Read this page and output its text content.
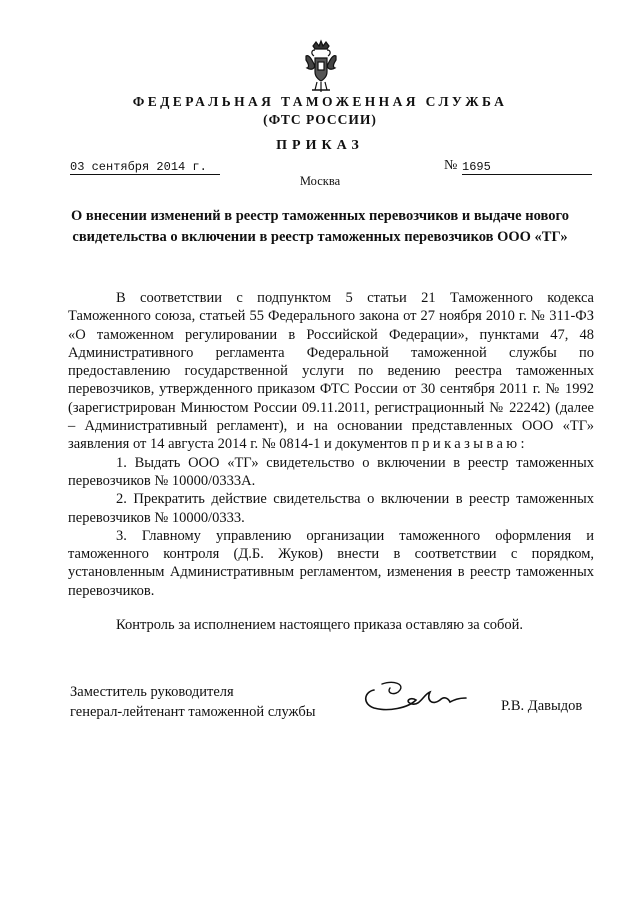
ФЕДЕРАЛЬНАЯ ТАМОЖЕННАЯ СЛУЖБА
(ФТС РОССИИ)
ПРИКАЗ
03 сентября 2014 г.	№ 1695
Москва
О внесении изменений в реестр таможенных перевозчиков и выдаче нового
свидетельства о включении в реестр таможенных перевозчиков ООО «ТГ»

В соответствии с подпунктом 5 статьи 21 Таможенного кодекса Таможенного союза, статьей 55 Федерального закона от 27 ноября 2010 г. № 311-ФЗ «О таможенном регулировании в Российской Федерации», пунктами 47, 48 Административного регламента Федеральной таможенной службы по предоставлению государственной услуги по ведению реестра таможенных перевозчиков, утвержденного приказом ФТС России от 30 сентября 2011 г. № 1992 (зарегистрирован Минюстом России 09.11.2011, регистрационный № 22242) (далее – Административный регламент), и на основании представленных ООО «ТГ» заявления от 14 августа 2014 г. № 0814-1 и документов приказываю:

1. Выдать ООО «ТГ» свидетельство о включении в реестр таможенных перевозчиков № 10000/0333А.

2. Прекратить действие свидетельства о включении в реестр таможенных перевозчиков № 10000/0333.

3. Главному управлению организации таможенного оформления и таможенного контроля (Д.Б. Жуков) внести в соответствии с порядком, установленным Административным регламентом, изменения в реестр таможенных перевозчиков.

Контроль за исполнением настоящего приказа оставляю за собой.

Заместитель руководителя
генерал-лейтенант таможенной службы	Р.В. Давыдов
